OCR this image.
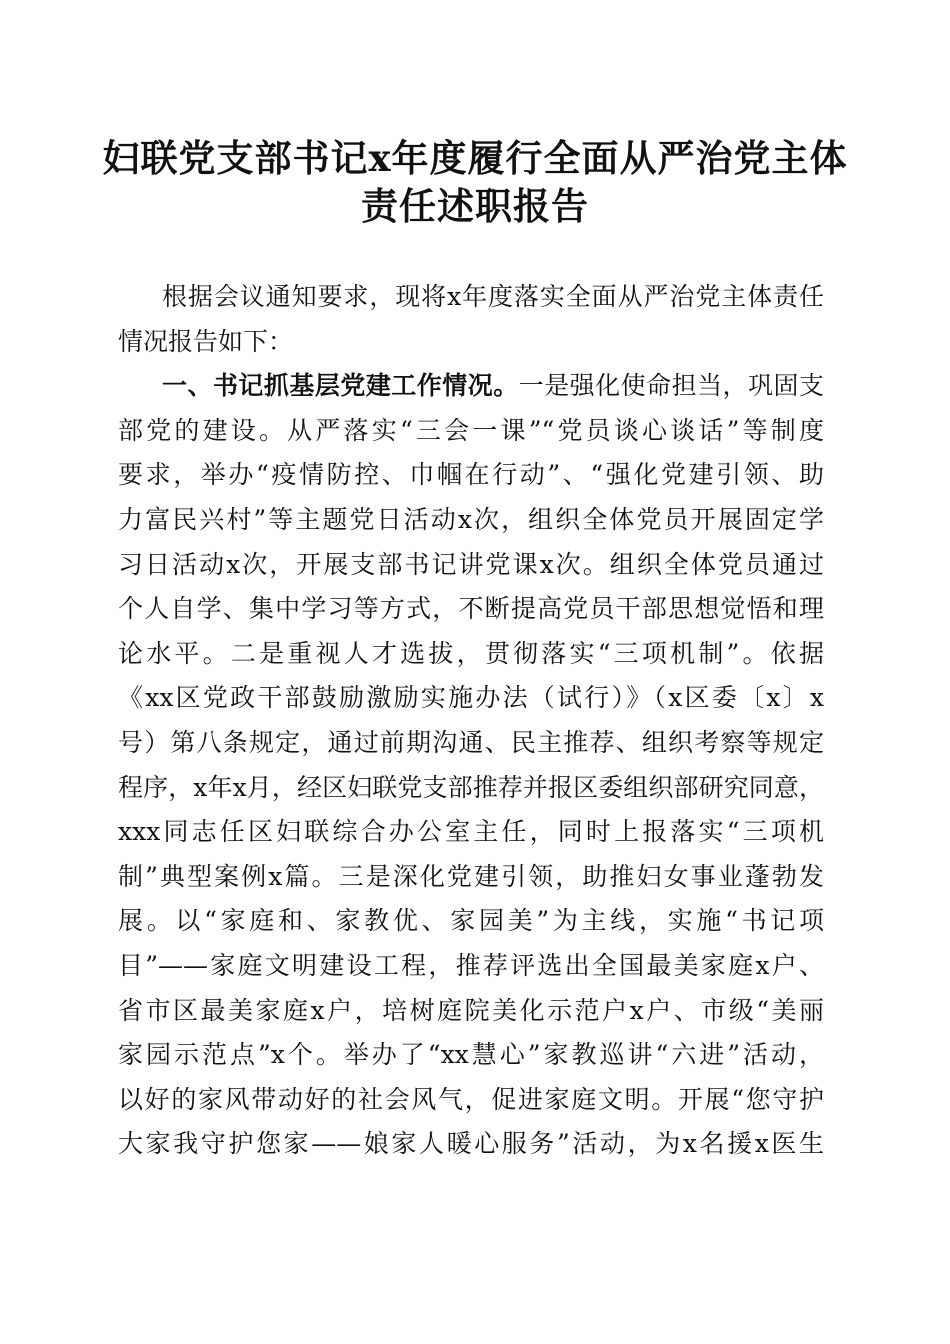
妇联党支部书记x年度履行全面从严治党主体
责任述职报告
根据会议通知要求，现将x年度落实全面从严治党主体责任
情况报告如下：
一、书记抓基层党建工作情况。一是强化使命担当，巩固支
部党的建设。从严落实“三会一课”“党员谈心谈话”等制度
要求，举办“疫情防控、巾帼在行动”、“强化党建引领、助
力富民兴村”等主题党日活动x次，组织全体党员开展固定学
习日活动x次，开展支部书记讲党课x次。组织全体党员通过
个人自学、集中学习等方式，不断提高党员干部思想觉悟和理
论水平。二是重视人才选拔，贯彻落实“三项机制”。依据
《xx区党政干部鼓励激励实施办法（试行）》（x区委〔x〕x
号）第八条规定，通过前期沟通、民主推荐、组织考察等规定
程序，x年x月，经区妇联党支部推荐并报区委组织部研究同意，
xxx同志任区妇联综合办公室主任，同时上报落实“三项机
制”典型案例x篇。三是深化党建引领，助推妇女事业蓬勃发
展。以“家庭和、家教优、家园美”为主线，实施“书记项
目”——家庭文明建设工程，推荐评选出全国最美家庭x户、
省市区最美家庭x户，培树庭院美化示范户x户、市级“美丽
家园示范点”x个。举办了“xx慧心”家教巡讲“六进”活动，
以好的家风带动好的社会风气，促进家庭文明。开展“您守护
大家我守护您家——娘家人暖心服务”活动，为x名援x医生
